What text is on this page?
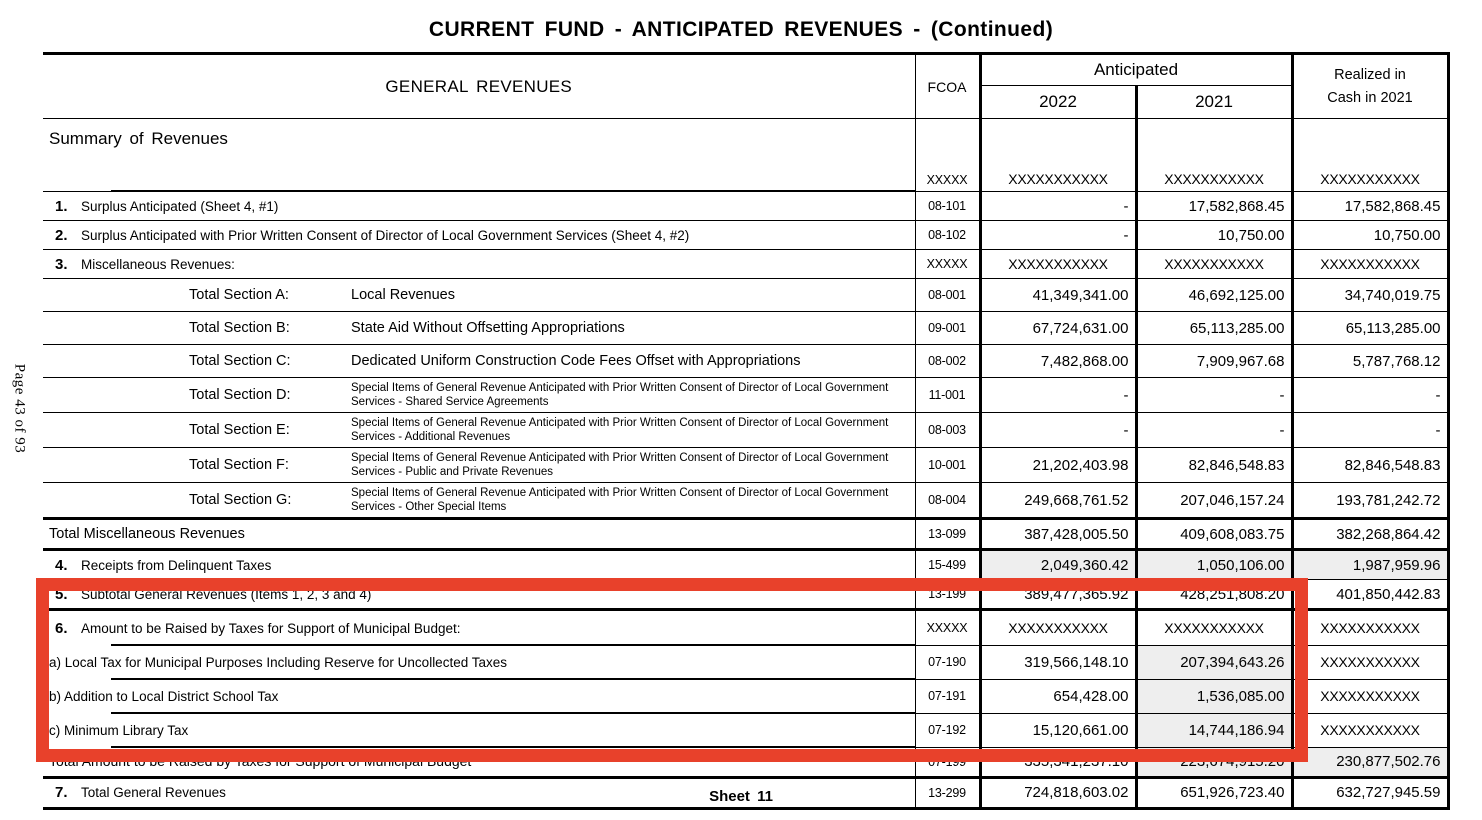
Page 43 of 93
CURRENT FUND - ANTICIPATED REVENUES - (Continued)
GENERAL REVENUES	FCOA	Anticipated		Realized in
Cash in 2021

		2022	2021	
Summary of Revenues	XXXXX	XXXXXXXXXXX	XXXXXXXXXXX	XXXXXXXXXXX
1. Surplus Anticipated (Sheet 4, #1)	08-101	-	17,582,868.45	17,582,868.45
2. Surplus Anticipated with Prior Written Consent of Director of Local Government Services (Sheet 4, #2)	08-102	-	10,750.00	10,750.00
3. Miscellaneous Revenues:	XXXXX	XXXXXXXXXXX	XXXXXXXXXXX	XXXXXXXXXXX

Total Section A: Local Revenues	08-001	41,349,341.00	46,692,125.00	34,740,019.75

Total Section B: State Aid Without Offsetting Appropriations	09-001	67,724,631.00	65,113,285.00	65,113,285.00

Total Section C: Dedicated Uniform Construction Code Fees Offset with Appropriations	08-002	7,482,868.00	7,909,967.68	5,787,768.12

Total Section D: Special Items of General Revenue Anticipated with Prior Written Consent of Director of Local Government Services - Shared Service Agreements	11-001	-	-	-

Total Section E: Special Items of General Revenue Anticipated with Prior Written Consent of Director of Local Government Services - Additional Revenues	08-003	-	-	-

Total Section F: Special Items of General Revenue Anticipated with Prior Written Consent of Director of Local Government Services - Public and Private Revenues	10-001	21,202,403.98	82,846,548.83	82,846,548.83

Total Section G: Special Items of General Revenue Anticipated with Prior Written Consent of Director of Local Government Services - Other Special Items	08-004	249,668,761.52	207,046,157.24	193,781,242.72
Total Miscellaneous Revenues	13-099	387,428,005.50	409,608,083.75	382,268,864.42
4. Receipts from Delinquent Taxes	15-499	2,049,360.42	1,050,106.00	1,987,959.96
5. Subtotal General Revenues (Items 1, 2, 3 and 4)	13-199	389,477,365.92	428,251,808.20	401,850,442.83
6. Amount to be Raised by Taxes for Support of Municipal Budget:	XXXXX	XXXXXXXXXXX	XXXXXXXXXXX	XXXXXXXXXXX
a) Local Tax for Municipal Purposes Including Reserve for Uncollected Taxes	07-190	319,566,148.10	207,394,643.26	XXXXXXXXXXX
b) Addition to Local District School Tax	07-191	654,428.00	1,536,085.00	XXXXXXXXXXX
c) Minimum Library Tax	07-192	15,120,661.00	14,744,186.94	XXXXXXXXXXX
Total Amount to be Raised by Taxes for Support of Municipal Budget	07-199	335,341,237.10	223,674,915.20	230,877,502.76
7. Total General Revenues	13-299	724,818,603.02	651,926,723.40	632,727,945.59
Sheet 11
